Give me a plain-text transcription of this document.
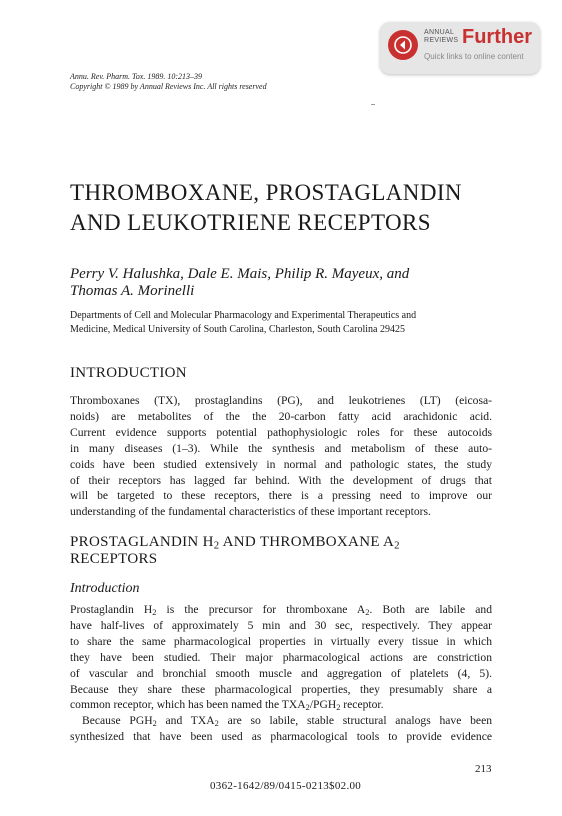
ANNUAL
REVIEWS Further
Quick links to online content
Annu. Rev. Pharm. Tox. 1989. 10:213–39
Copyright © 1989 by Annual Reviews Inc. All rights reserved
THROMBOXANE, PROSTAGLANDIN
AND LEUKOTRIENE RECEPTORS
Perry V. Halushka, Dale E. Mais, Philip R. Mayeux, and
Thomas A. Morinelli
Departments of Cell and Molecular Pharmacology and Experimental Therapeutics and
Medicine, Medical University of South Carolina, Charleston, South Carolina 29425
INTRODUCTION
Thromboxanes (TX), prostaglandins (PG), and leukotrienes (LT) (eicosa-
noids) are metabolites of the the 20-carbon fatty acid arachidonic acid.
Current evidence supports potential pathophysiologic roles for these autocoids
in many diseases (1–3). While the synthesis and metabolism of these auto-
coids have been studied extensively in normal and pathologic states, the study
of their receptors has lagged far behind. With the development of drugs that
will be targeted to these receptors, there is a pressing need to improve our
understanding of the fundamental characteristics of these important receptors.
PROSTAGLANDIN $H_2$ AND THROMBOXANE $A_2$
RECEPTORS
Introduction
Prostaglandin $H_2$ is the precursor for thromboxane $A_2$. Both are labile and
have half-lives of approximately 5 min and 30 sec, respectively. They appear
to share the same pharmacological properties in virtually every tissue in which
they have been studied. Their major pharmacological actions are constriction
of vascular and bronchial smooth muscle and aggregation of platelets (4, 5).
Because they share these pharmacological properties, they presumably share a
common receptor, which has been named the $TXA_2/PGH_2$ receptor.
Because $PGH_2$ and $TXA_2$ are so labile, stable structural analogs have been
synthesized that have been used as pharmacological tools to provide evidence
213
0362-1642/89/0415-0213$02.00
